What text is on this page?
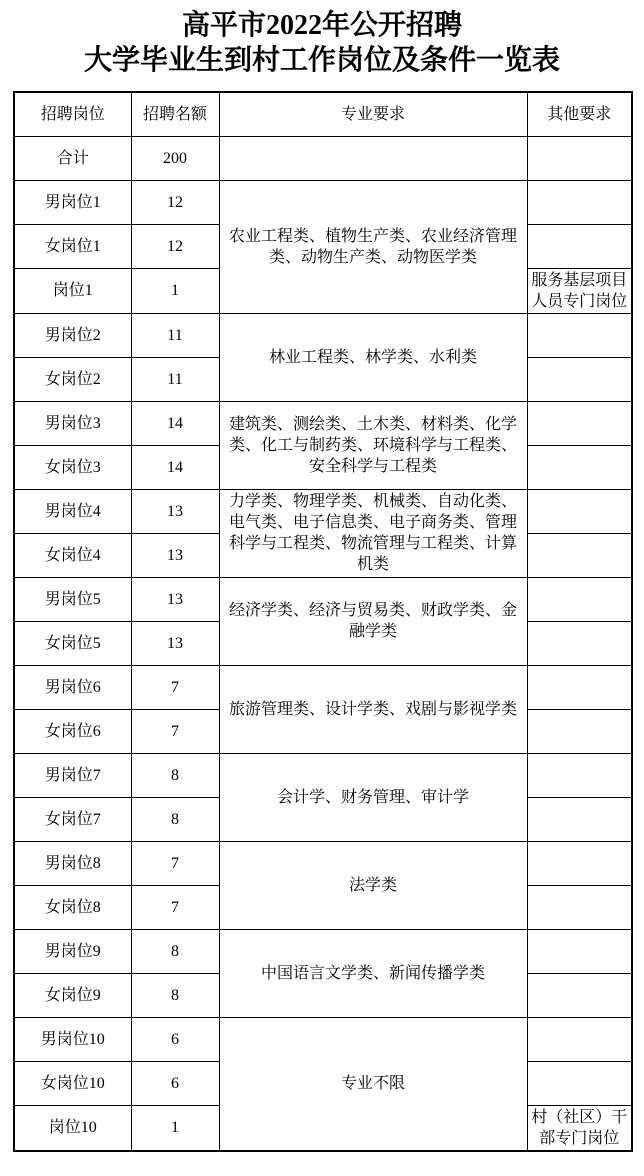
高平市2022年公开招聘
大学毕业生到村工作岗位及条件一览表
招聘岗位	招聘名额	专业要求	其他要求
合计	200		
男岗位1	12	农业工程类、植物生产类、农业经济管理类、动物生产类、动物医学类	
女岗位1	12		
岗位1	1		服务基层项目人员专门岗位
男岗位2	11	林业工程类、林学类、水利类	
女岗位2	11		
男岗位3	14	建筑类、测绘类、土木类、材料类、化学类、化工与制药类、环境科学与工程类、安全科学与工程类	
女岗位3	14		
男岗位4	13	力学类、物理学类、机械类、自动化类、电气类、电子信息类、电子商务类、管理科学与工程类、物流管理与工程类、计算机类	
女岗位4	13		
男岗位5	13	经济学类、经济与贸易类、财政学类、金融学类	
女岗位5	13		
男岗位6	7	旅游管理类、设计学类、戏剧与影视学类	
女岗位6	7		
男岗位7	8	会计学、财务管理、审计学	
女岗位7	8		
男岗位8	7	法学类	
女岗位8	7		
男岗位9	8	中国语言文学类、新闻传播学类	
女岗位9	8		
男岗位10	6	专业不限	
女岗位10	6		
岗位10	1		村（社区）干部专门岗位
